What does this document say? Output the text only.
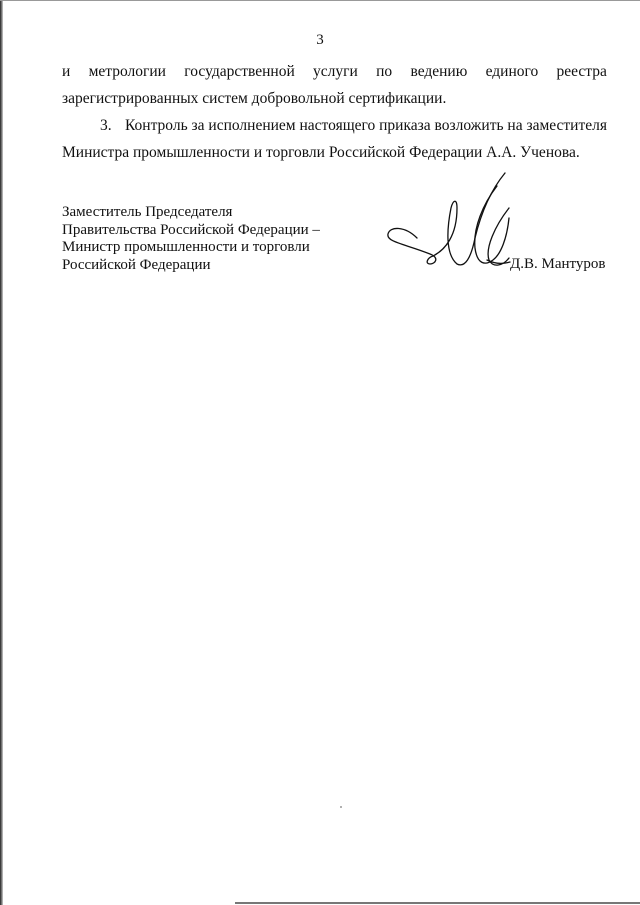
3
и метрологии государственной услуги по ведению единого реестра
зарегистрированных систем добровольной сертификации.
3. Контроль за исполнением настоящего приказа возложить на заместителя
Министра промышленности и торговли Российской Федерации А.А. Ученова.
Заместитель Председателя
Правительства Российской Федерации –
Министр промышленности и торговли
Российской Федерации	Д.В. Мантуров
